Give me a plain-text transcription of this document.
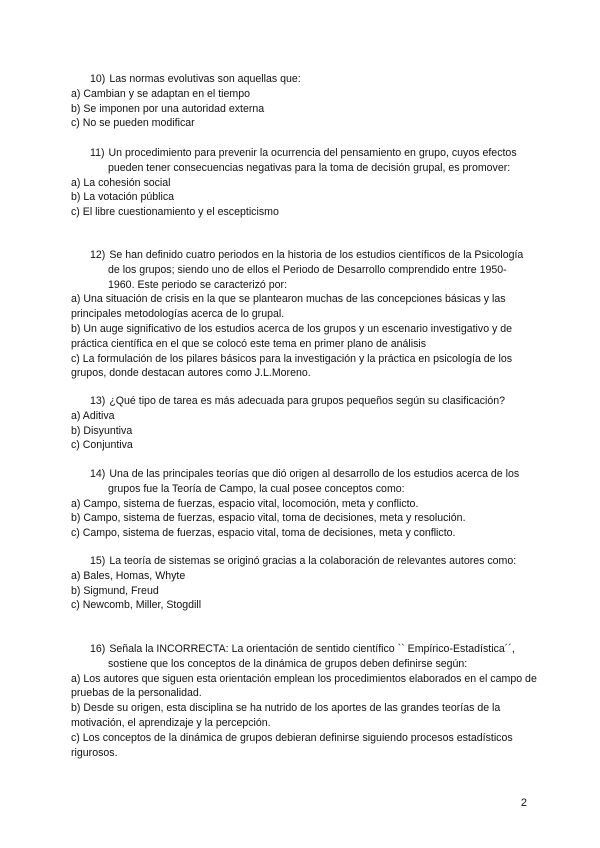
10) Las normas evolutivas son aquellas que:

a) Cambian y se adaptan en el tiempo

b) Se imponen por una autoridad externa

c) No se pueden modificar

11) Un procedimiento para prevenir la ocurrencia del pensamiento en grupo, cuyos efectos pueden tener consecuencias negativas para la toma de decisión grupal, es promover:

a) La cohesión social

b) La votación pública

c) El libre cuestionamiento y el escepticismo

12) Se han definido cuatro periodos en la historia de los estudios científicos de la Psicología de los grupos; siendo uno de ellos el Periodo de Desarrollo comprendido entre 1950-1960. Este periodo se caracterizó por:

a) Una situación de crisis en la que se plantearon muchas de las concepciones básicas y las principales metodologías acerca de lo grupal.

b) Un auge significativo de los estudios acerca de los grupos y un escenario investigativo y de práctica científica en el que se colocó este tema en primer plano de análisis

c) La formulación de los pilares básicos para la investigación y la práctica en psicología de los grupos, donde destacan autores como J.L.Moreno.

13) ¿Qué tipo de tarea es más adecuada para grupos pequeños según su clasificación?

a) Aditiva

b) Disyuntiva

c) Conjuntiva

14) Una de las principales teorías que dió origen al desarrollo de los estudios acerca de los grupos fue la Teoría de Campo, la cual posee conceptos como:

a) Campo, sistema de fuerzas, espacio vital, locomoción, meta y conflicto.

b) Campo, sistema de fuerzas, espacio vital, toma de decisiones, meta y resolución.

c) Campo, sistema de fuerzas, espacio vital, toma de decisiones, meta y conflicto.

15) La teoría de sistemas se originó gracias a la colaboración de relevantes autores como:

a) Bales, Homas, Whyte

b) Sigmund, Freud

c) Newcomb, Miller, Stogdill

16) Señala la INCORRECTA: La orientación de sentido científico `` Empírico-Estadística´´, sostiene que los conceptos de la dinámica de grupos deben definirse según:

a) Los autores que siguen esta orientación emplean los procedimientos elaborados en el campo de pruebas de la personalidad.

b) Desde su origen, esta disciplina se ha nutrido de los aportes de las grandes teorías de la motivación, el aprendizaje y la percepción.

c) Los conceptos de la dinámica de grupos debieran definirse siguiendo procesos estadísticos rigurosos.

2
